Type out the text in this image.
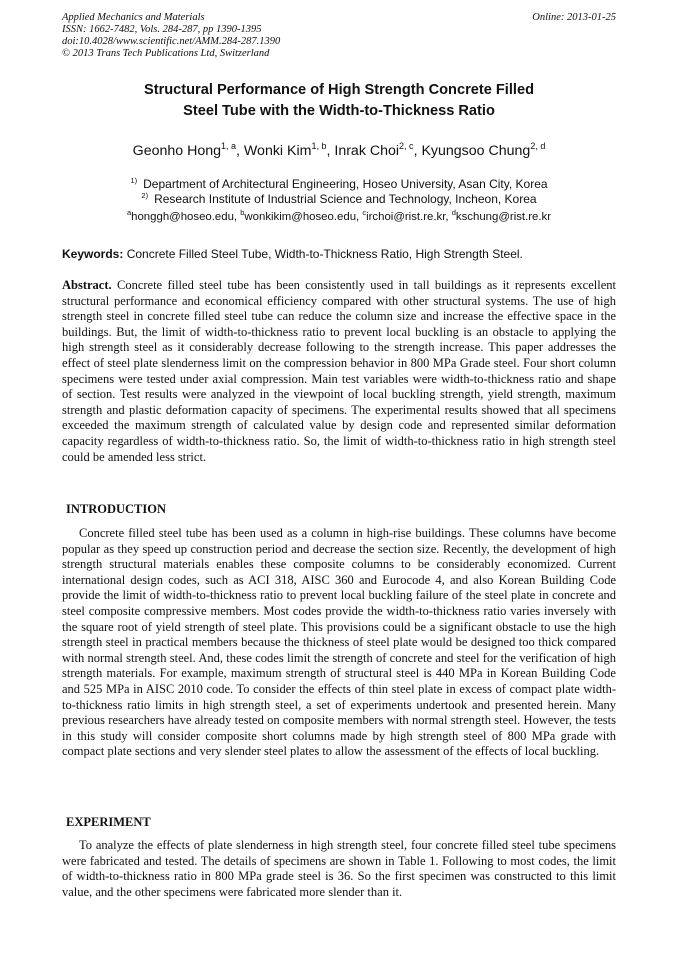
Applied Mechanics and Materials
ISSN: 1662-7482, Vols. 284-287, pp 1390-1395
doi:10.4028/www.scientific.net/AMM.284-287.1390
© 2013 Trans Tech Publications Ltd, Switzerland
Online: 2013-01-25
Structural Performance of High Strength Concrete Filled
Steel Tube with the Width-to-Thickness Ratio
Geonho Hong$^{1, a}$, Wonki Kim$^{1, b}$, Inrak Choi$^{2, c}$, Kyungsoo Chung$^{2, d}$
$^{1)}$ Department of Architectural Engineering, Hoseo University, Asan City, Korea
$^{2)}$ Research Institute of Industrial Science and Technology, Incheon, Korea
$^a$honggh@hoseo.edu, $^b$wonkikim@hoseo.edu, $^c$irchoi@rist.re.kr, $^d$kschung@rist.re.kr
Keywords: Concrete Filled Steel Tube, Width-to-Thickness Ratio, High Strength Steel.

Abstract. Concrete filled steel tube has been consistently used in tall buildings as it represents excellent structural performance and economical efficiency compared with other structural systems. The use of high strength steel in concrete filled steel tube can reduce the column size and increase the effective space in the buildings. But, the limit of width-to-thickness ratio to prevent local buckling is an obstacle to applying the high strength steel as it considerably decrease following to the strength increase. This paper addresses the effect of steel plate slenderness limit on the compression behavior in 800 MPa Grade steel. Four short column specimens were tested under axial compression. Main test variables were width-to-thickness ratio and shape of section. Test results were analyzed in the viewpoint of local buckling strength, yield strength, maximum strength and plastic deformation capacity of specimens. The experimental results showed that all specimens exceeded the maximum strength of calculated value by design code and represented similar deformation capacity regardless of width-to-thickness ratio. So, the limit of width-to-thickness ratio in high strength steel could be amended less strict.

INTRODUCTION

Concrete filled steel tube has been used as a column in high-rise buildings. These columns have become popular as they speed up construction period and decrease the section size. Recently, the development of high strength structural materials enables these composite columns to be considerably economized. Current international design codes, such as ACI 318, AISC 360 and Eurocode 4, and also Korean Building Code provide the limit of width-to-thickness ratio to prevent local buckling failure of the steel plate in concrete and steel composite compressive members. Most codes provide the width-to-thickness ratio varies inversely with the square root of yield strength of steel plate. This provisions could be a significant obstacle to use the high strength steel in practical members because the thickness of steel plate would be designed too thick compared with normal strength steel. And, these codes limit the strength of concrete and steel for the verification of high strength materials. For example, maximum strength of structural steel is 440 MPa in Korean Building Code and 525 MPa in AISC 2010 code. To consider the effects of thin steel plate in excess of compact plate width-to-thickness ratio limits in high strength steel, a set of experiments undertook and presented herein. Many previous researchers have already tested on composite members with normal strength steel. However, the tests in this study will consider composite short columns made by high strength steel of 800 MPa grade with compact plate sections and very slender steel plates to allow the assessment of the effects of local buckling.

EXPERIMENT

To analyze the effects of plate slenderness in high strength steel, four concrete filled steel tube specimens were fabricated and tested. The details of specimens are shown in Table 1. Following to most codes, the limit of width-to-thickness ratio in 800 MPa grade steel is 36. So the first specimen was constructed to this limit value, and the other specimens were fabricated more slender than it.
